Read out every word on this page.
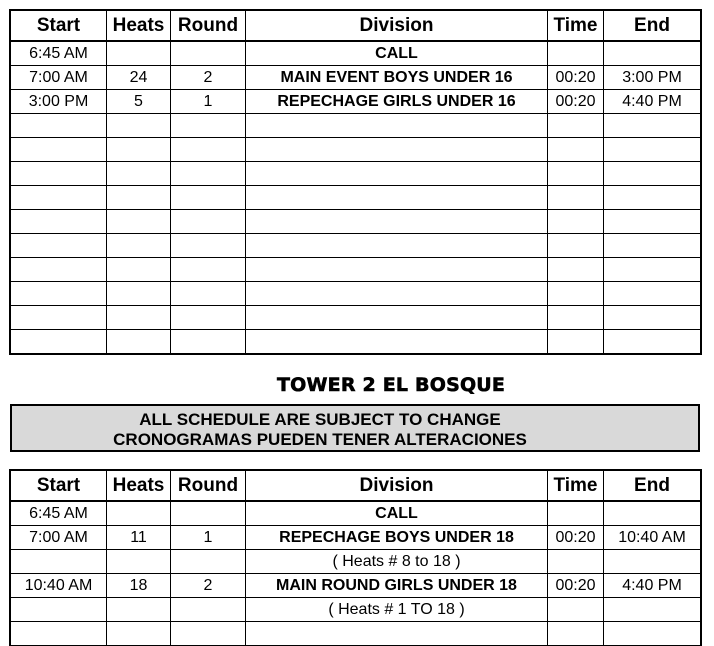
Start	Heats	Round	Division	Time	End
6:45 AM			CALL		
7:00 AM	24	2	MAIN EVENT BOYS UNDER 16	00:20	3:00 PM
3:00 PM	5	1	REPECHAGE GIRLS UNDER 16	00:20	4:40 PM

TOWER 2 EL BOSQUE
ALL SCHEDULE ARE SUBJECT TO CHANGE
CRONOGRAMAS PUEDEN TENER ALTERACIONES
Start	Heats	Round	Division	Time	End
6:45 AM			CALL		
7:00 AM	11	1	REPECHAGE BOYS UNDER 18	00:20	10:40 AM
			( Heats # 8 to 18 )		
10:40 AM	18	2	MAIN ROUND GIRLS UNDER 18	00:20	4:40 PM
			( Heats # 1 TO 18 )		
